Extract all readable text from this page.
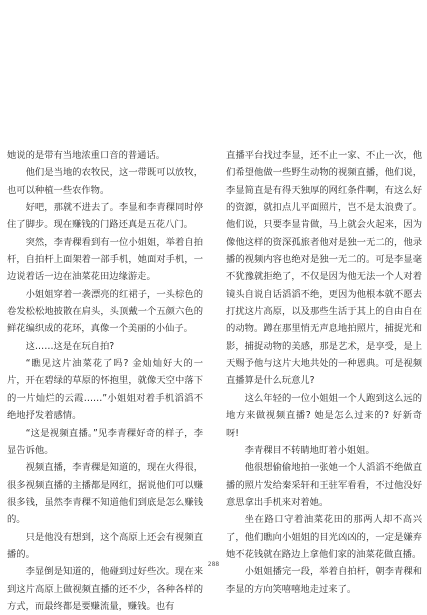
她说的是带有当地浓重口音的普通话。

他们是当地的农牧民，这一带既可以放牧，也可以种植一些农作物。

好吧，那就不进去了。李显和李青稞同时停住了脚步。现在赚钱的门路还真是五花八门。

突然，李青稞看到有一位小姐姐，举着自拍杆，自拍杆上面架着一部手机，她面对手机，一边说着话一边在油菜花田边缘游走。

小姐姐穿着一袭漂亮的红裙子，一头棕色的卷发松松地披散在肩头，头顶戴一个五颜六色的鲜花编织成的花环，真像一个美丽的小仙子。

这……这是在玩自拍?

“瞧见这片油菜花了吗? 金灿灿好大的一片，开在碧绿的草原的怀抱里，就像天空中落下的一片灿烂的云霞……”小姐姐对着手机滔滔不绝地抒发着感情。

“这是视频直播。”见李青稞好奇的样子，李显告诉他。

视频直播，李青稞是知道的，现在火得很，很多视频直播的主播都是网红，据说他们可以赚很多钱，虽然李青稞不知道他们到底是怎么赚钱的。

只是他没有想到，这个高原上还会有视频直播的。

李显倒是知道的，他碰到过好些次。现在来到这片高原上做视频直播的还不少，各种各样的方式，而最终都是要赚流量，赚钱。也有

直播平台找过李显，还不止一家、不止一次，他们希望他做一些野生动物的视频直播，他们说，李显简直是有得天独厚的网红条件啊，有这么好的资源，就扣点儿平面照片，岂不是太浪费了。他们说，只要李显肯做，马上就会火起来，因为像他这样的资深孤旅者他对是独一无二的，他录播的视频内容也绝对是独一无二的。可是李显毫不犹豫就拒绝了，不仅是因为他无法一个人对着镜头自说自话滔滔不绝，更因为他根本就不愿去打扰这片高原，以及那些生活于其上的自由自在的动物。蹲在那里悄无声息地拍照片，捕捉光和影，捕捉动物的美感，那是艺术，是享受，是上天赐予他与这片大地共处的一种恩典。可是视频直播算是什么玩意儿?

这么年轻的一位小姐姐一个人跑到这么远的地方来做视频直播? 她是怎么过来的? 好新奇呀!

李青稞目不转睛地盯着小姐姐。

他很想偷偷地拍一张她一个人滔滔不绝做直播的照片发给秦采轩和王驻军看看，不过他没好意思拿出手机来对着她。

坐在路口守着油菜花田的那两人却不高兴了，他们瞧向小姐姐的目光凶凶的，一定是嫌弃她不花钱就在路边上拿他们家的油菜花做直播。

小姐姐播完一段，举着自拍杆，朝李青稞和李显的方向笑嘻嘻地走过来了。

288
